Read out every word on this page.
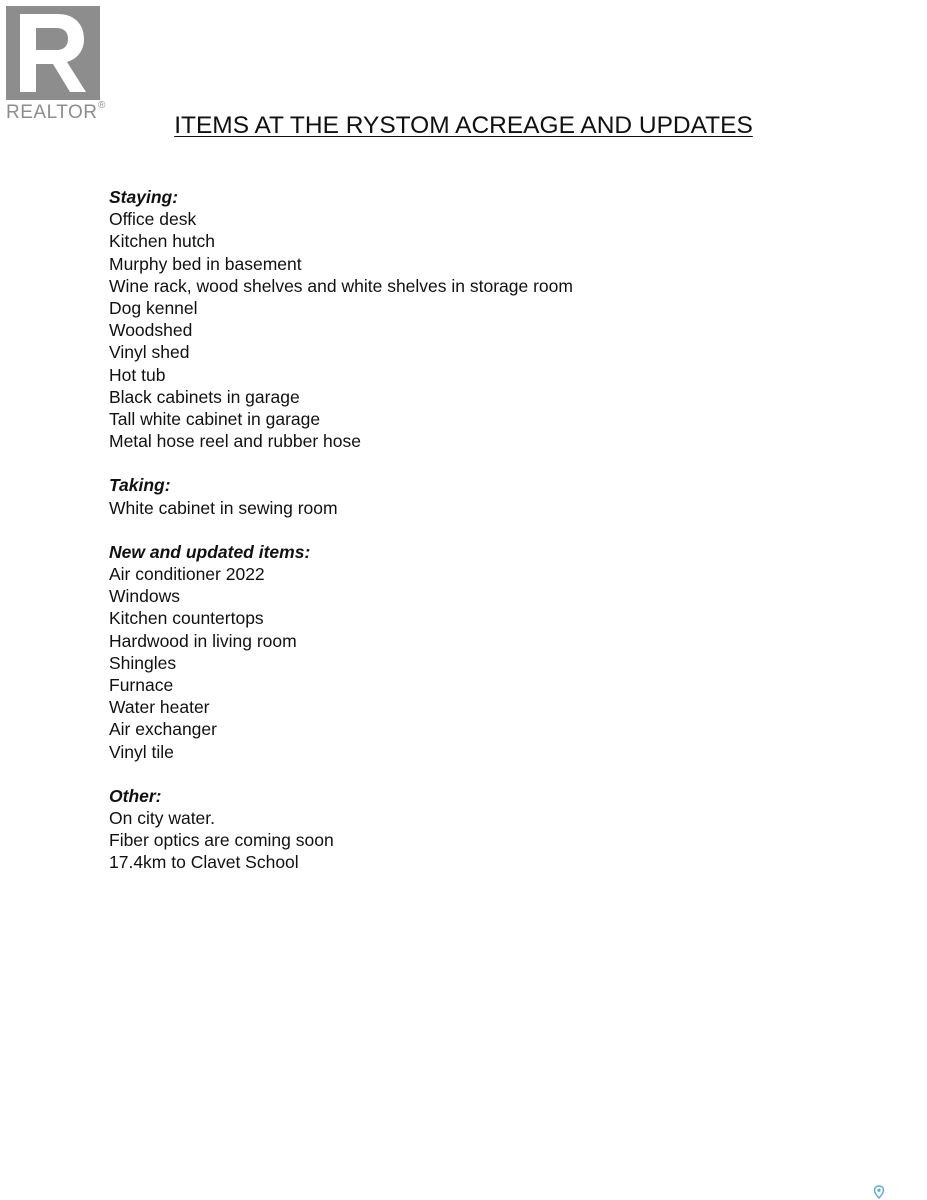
REALTOR ®
ITEMS AT THE RYSTOM ACREAGE AND UPDATES

Staying:

Office desk
Kitchen hutch
Murphy bed in basement
Wine rack, wood shelves and white shelves in storage room
Dog kennel
Woodshed
Vinyl shed
Hot tub
Black cabinets in garage
Tall white cabinet in garage
Metal hose reel and rubber hose

Taking:

White cabinet in sewing room

New and updated items:

Air conditioner 2022
Windows
Kitchen countertops
Hardwood in living room
Shingles
Furnace
Water heater
Air exchanger
Vinyl tile

Other:

On city water.
Fiber optics are coming soon
17.4km to Clavet School
